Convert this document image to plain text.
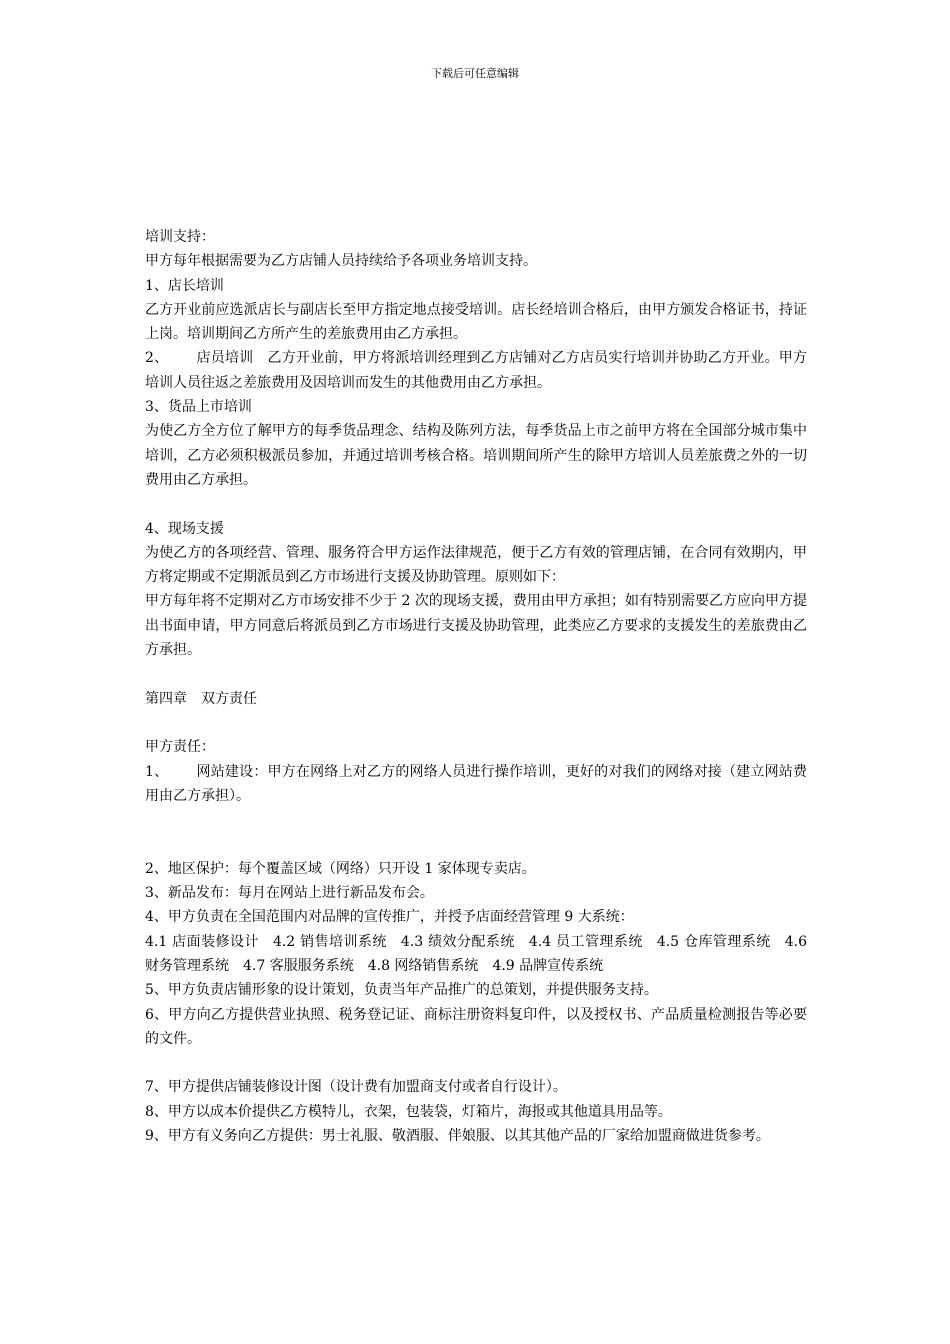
下载后可任意编辑

培训支持：

甲方每年根据需要为乙方店铺人员持续给予各项业务培训支持。

1、店长培训

乙方开业前应选派店长与副店长至甲方指定地点接受培训。店长经培训合格后，由甲方颁发合格证书，持证上岗。培训期间乙方所产生的差旅费用由乙方承担。

2、 店员培训 乙方开业前，甲方将派培训经理到乙方店铺对乙方店员实行培训并协助乙方开业。甲方培训人员往返之差旅费用及因培训而发生的其他费用由乙方承担。

3、货品上市培训

为使乙方全方位了解甲方的每季货品理念、结构及陈列方法，每季货品上市之前甲方将在全国部分城市集中培训，乙方必须积极派员参加，并通过培训考核合格。培训期间所产生的除甲方培训人员差旅费之外的一切费用由乙方承担。

4、现场支援

为使乙方的各项经营、管理、服务符合甲方运作法律规范，便于乙方有效的管理店铺，在合同有效期内，甲方将定期或不定期派员到乙方市场进行支援及协助管理。原则如下：

甲方每年将不定期对乙方市场安排不少于 2 次的现场支援，费用由甲方承担；如有特别需要乙方应向甲方提出书面申请，甲方同意后将派员到乙方市场进行支援及协助管理，此类应乙方要求的支援发生的差旅费由乙方承担。

第四章 双方责任

甲方责任：

1、 网站建设：甲方在网络上对乙方的网络人员进行操作培训，更好的对我们的网络对接（建立网站费用由乙方承担）。

2、地区保护：每个覆盖区域（网络）只开设 1 家体现专卖店。

3、新品发布：每月在网站上进行新品发布会。

4、甲方负责在全国范围内对品牌的宣传推广，并授予店面经营管理 9 大系统：

4.1 店面装修设计 4.2 销售培训系统 4.3 绩效分配系统 4.4 员工管理系统 4.5 仓库管理系统 4.6 财务管理系统 4.7 客服服务系统 4.8 网络销售系统 4.9 品牌宣传系统

5、甲方负责店铺形象的设计策划，负责当年产品推广的总策划，并提供服务支持。

6、甲方向乙方提供营业执照、税务登记证、商标注册资料复印件，以及授权书、产品质量检测报告等必要的文件。

7、甲方提供店铺装修设计图（设计费有加盟商支付或者自行设计）。

8、甲方以成本价提供乙方模特儿，衣架，包装袋，灯箱片，海报或其他道具用品等。

9、甲方有义务向乙方提供：男士礼服、敬酒服、伴娘服、以其其他产品的厂家给加盟商做进货参考。
